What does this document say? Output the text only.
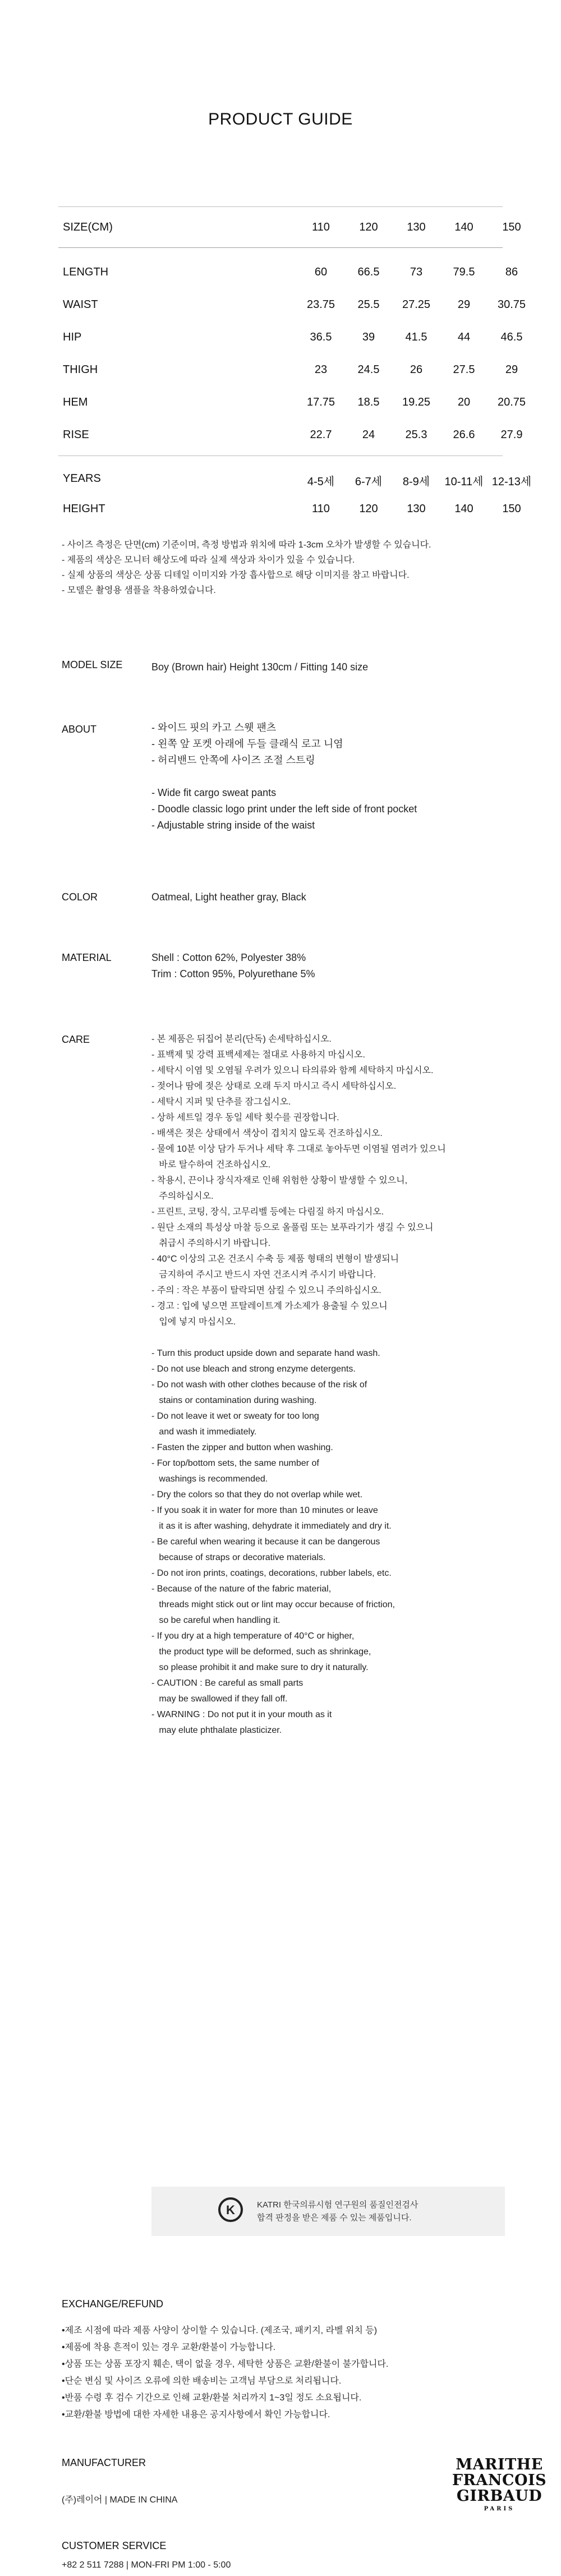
PRODUCT GUIDE
SIZE(CM)	110	120	130	140	150
LENGTH	60	66.5	73	79.5	86
WAIST	23.75	25.5	27.25	29	30.75
HIP	36.5	39	41.5	44	46.5
THIGH	23	24.5	26	27.5	29
HEM	17.75	18.5	19.25	20	20.75
RISE	22.7	24	25.3	26.6	27.9
YEARS	4-5세	6-7세	8-9세	10-11세 12-13세
HEIGHT	110	120	130	140	150
- 사이즈 측정은 단면(cm) 기준이며, 측정 방법과 위치에 따라 1-3cm 오차가 발생할 수 있습니다.
- 제품의 색상은 모니터 해상도에 따라 실제 색상과 차이가 있을 수 있습니다.
- 실제 상품의 색상은 상품 디테일 이미지와 가장 흡사합으로 해당 이미지를 참고 바랍니다.
- 모델은 촬영용 샘플을 착용하였습니다.
MODEL SIZE	Boy (Brown hair) Height 130cm / Fitting 140 size
ABOUT	- 와이드 핏의 카고 스웻 팬츠
- 왼쪽 앞 포켓 아래에 두들 클래식 로고 니염
- 허리밴드 안쪽에 사이즈 조절 스트링

- Wide fit cargo sweat pants
- Doodle classic logo print under the left side of front pocket
- Adjustable string inside of the waist
COLOR	Oatmeal, Light heather gray, Black
MATERIAL	Shell : Cotton 62%, Polyester 38%
Trim : Cotton 95%, Polyurethane 5%
CARE	- 본 제품은 뒤집어 분리(단독) 손세탁하십시오.
- 표백제 및 강력 표백세제는 절대로 사용하지 마십시오.
- 세탁시 이염 및 오염될 우려가 있으니 타의류와 함께 세탁하지 마십시오.
- 젖어나 땀에 젖은 상태로 오래 두지 마시고 즉시 세탁하십시오.
- 세탁시 지퍼 및 단추를 잠그십시오.
- 상하 세트일 경우 동일 세탁 횟수를 권장합니다.
- 배색은 젖은 상태에서 색상이 겹치지 않도록 건조하십시오.
- 물에 10분 이상 담가 두거나 세탁 후 그대로 놓아두면 이염될 염려가 있으니
바로 탈수하여 건조하십시오.
- 착용시, 끈이나 장식자재로 인해 위험한 상황이 발생할 수 있으니,
주의하십시오.
- 프린트, 코팅, 장식, 고무리벨 등에는 다림질 하지 마십시오.
- 원단 소재의 특성상 마찰 등으로 올풀림 또는 보푸라기가 생길 수 있으니
취급시 주의하시기 바랍니다.
- 40°C 이상의 고온 건조시 수축 등 제품 형태의 변형이 발생되니
금지하여 주시고 반드시 자연 건조시켜 주시기 바랍니다.
- 주의 : 작은 부품이 탈락되면 삼킬 수 있으니 주의하십시오.
- 경고 : 입에 넣으면 프탈레이트계 가소제가 용출될 수 있으니
입에 넣지 마십시오.

- Turn this product upside down and separate hand wash.
- Do not use bleach and strong enzyme detergents.
- Do not wash with other clothes because of the risk of
stains or contamination during washing.
- Do not leave it wet or sweaty for too long
and wash it immediately.
- Fasten the zipper and button when washing.
- For top/bottom sets, the same number of
washings is recommended.
- Dry the colors so that they do not overlap while wet.
- If you soak it in water for more than 10 minutes or leave
it as it is after washing, dehydrate it immediately and dry it.
- Be careful when wearing it because it can be dangerous
because of straps or decorative materials.
- Do not iron prints, coatings, decorations, rubber labels, etc.
- Because of the nature of the fabric material,
threads might stick out or lint may occur because of friction,
so be careful when handling it.
- If you dry at a high temperature of 40°C or higher,
the product type will be deformed, such as shrinkage,
so please prohibit it and make sure to dry it naturally.
- CAUTION : Be careful as small parts
may be swallowed if they fall off.
- WARNING : Do not put it in your mouth as it
may elute phthalate plasticizer.
K	KATRI 한국의류시험 연구원의 품질인전검사
합격 판정을 받은 제품 수 있는 제품입니다.
EXCHANGE/REFUND
•제조 시점에 따라 제품 사양이 상이할 수 있습니다. (제조국, 패키지, 라벨 위치 등)
•제품에 착용 흔적이 있는 경우 교환/환불이 가능합니다.
•상품 또는 상품 포장지 훼손, 택이 없을 경우, 세탁한 상품은 교환/환불이 불가합니다.
•단순 변심 및 사이즈 오류에 의한 배송비는 고객님 부담으로 처리됩니다.
•반품 수령 후 검수 기간으로 인해 교환/환불 처리까지 1~3일 정도 소요됩니다.
•교환/환불 방법에 대한 자세한 내용은 공지사항에서 확인 가능합니다.
MANUFACTURER
(주)레이어 | MADE IN CHINA
CUSTOMER SERVICE
+82 2 511 7288 | MON-FRI PM 1:00 - 5:00
MARITHE
FRANCOIS
GIRBAUD
PARIS
